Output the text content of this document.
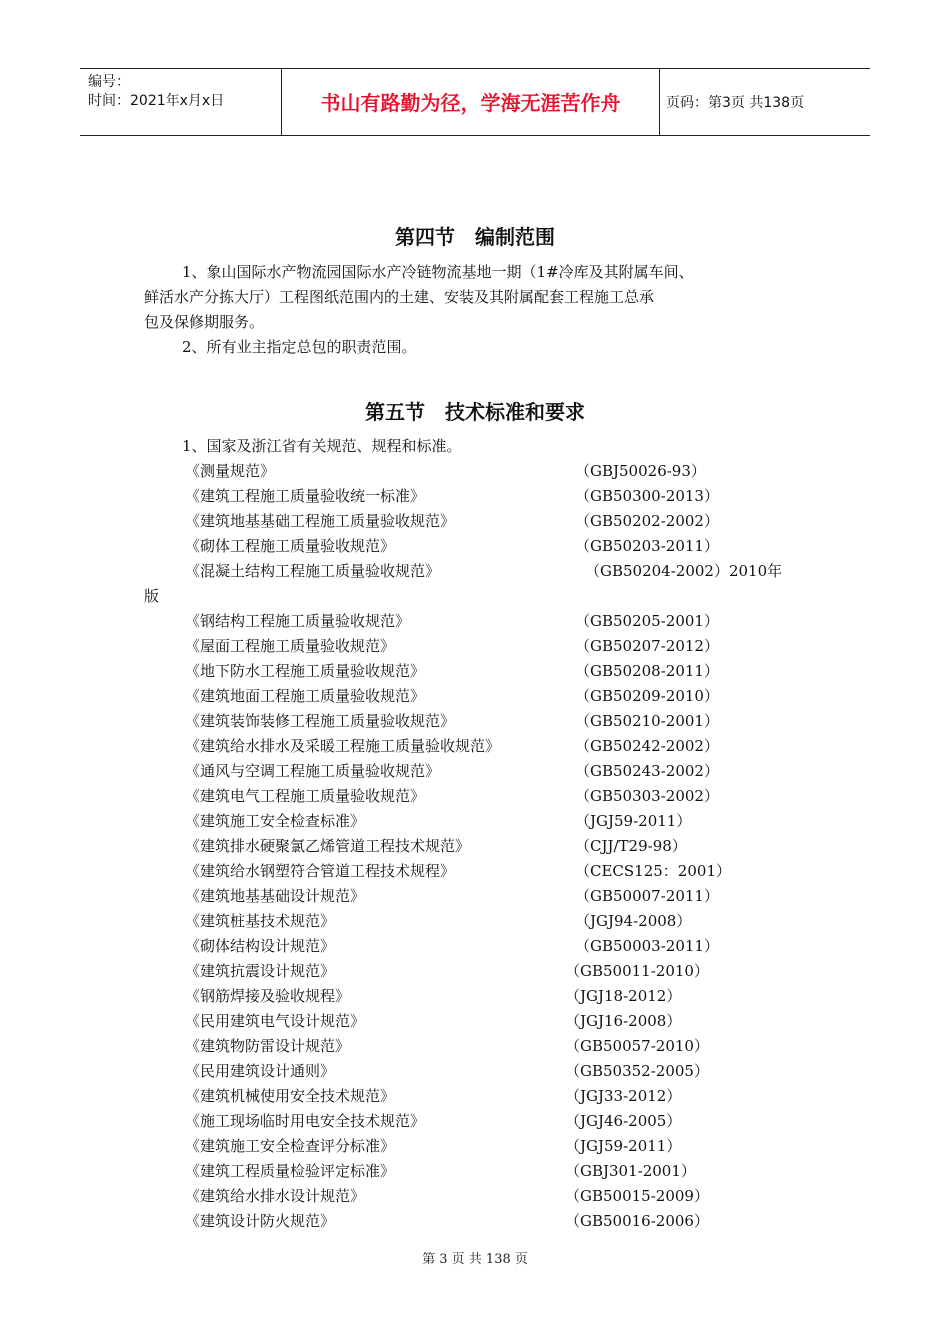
编号：
时间：2021年x月x日	书山有路勤为径，学海无涯苦作舟	页码：第3页 共138页
第四节　编制范围
1、象山国际水产物流园国际水产冷链物流基地一期（1#冷库及其附属车间、
鲜活水产分拣大厅）工程图纸范围内的土建、安装及其附属配套工程施工总承
包及保修期服务。
2、所有业主指定总包的职责范围。
第五节　技术标准和要求
1、国家及浙江省有关规范、规程和标准。
《测量规范》	（GBJ50026-93）
《建筑工程施工质量验收统一标准》	（GB50300-2013）
《建筑地基基础工程施工质量验收规范》	（GB50202-2002）
《砌体工程施工质量验收规范》	（GB50203-2011）
《混凝土结构工程施工质量验收规范》	（GB50204-2002）2010年
《钢结构工程施工质量验收规范》	（GB50205-2001）
《屋面工程施工质量验收规范》	（GB50207-2012）
《地下防水工程施工质量验收规范》	（GB50208-2011）
《建筑地面工程施工质量验收规范》	（GB50209-2010）
《建筑装饰装修工程施工质量验收规范》	（GB50210-2001）
《建筑给水排水及采暖工程施工质量验收规范》	（GB50242-2002）
《通风与空调工程施工质量验收规范》	（GB50243-2002）
《建筑电气工程施工质量验收规范》	（GB50303-2002）
《建筑施工安全检查标准》	（JGJ59-2011）
《建筑排水硬聚氯乙烯管道工程技术规范》	（CJJ/T29-98）
《建筑给水钢塑符合管道工程技术规程》	（CECS125：2001）
《建筑地基基础设计规范》	（GB50007-2011）
《建筑桩基技术规范》	（JGJ94-2008）
《砌体结构设计规范》	（GB50003-2011）
《建筑抗震设计规范》	（GB50011-2010）
《钢筋焊接及验收规程》	（JGJ18-2012）
《民用建筑电气设计规范》	（JGJ16-2008）
《建筑物防雷设计规范》	（GB50057-2010）
《民用建筑设计通则》	（GB50352-2005）
《建筑机械使用安全技术规范》	（JGJ33-2012）
《施工现场临时用电安全技术规范》	（JGJ46-2005）
《建筑施工安全检查评分标准》	（JGJ59-2011）
《建筑工程质量检验评定标准》	（GBJ301-2001）
《建筑给水排水设计规范》	（GB50015-2009）
《建筑设计防火规范》	（GB50016-2006）
版
第 3 页 共 138 页
